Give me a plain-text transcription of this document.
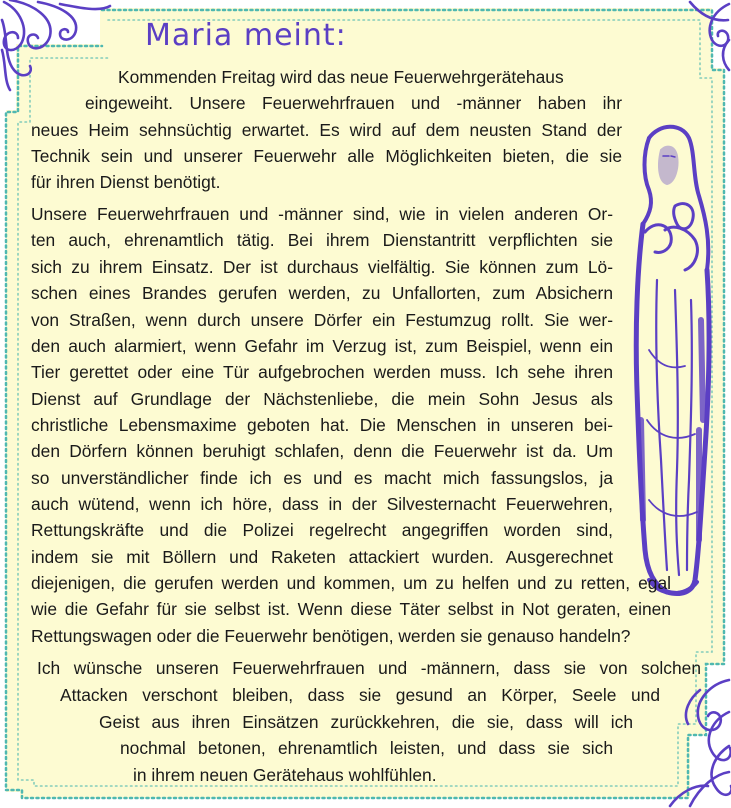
Maria meint:
Kommenden Freitag wird das neue Feuerwehrgerätehaus
eingeweiht. Unsere Feuerwehrfrauen und -männer haben ihr
neues Heim sehnsüchtig erwartet. Es wird auf dem neusten Stand der
Technik sein und unserer Feuerwehr alle Möglichkeiten bieten, die sie
für ihren Dienst benötigt.
Unsere Feuerwehrfrauen und -männer sind, wie in vielen anderen Or-
ten auch, ehrenamtlich tätig. Bei ihrem Dienstantritt verpflichten sie
sich zu ihrem Einsatz. Der ist durchaus vielfältig. Sie können zum Lö-
schen eines Brandes gerufen werden, zu Unfallorten, zum Absichern
von Straßen, wenn durch unsere Dörfer ein Festumzug rollt. Sie wer-
den auch alarmiert, wenn Gefahr im Verzug ist, zum Beispiel, wenn ein
Tier gerettet oder eine Tür aufgebrochen werden muss. Ich sehe ihren
Dienst auf Grundlage der Nächstenliebe, die mein Sohn Jesus als
christliche Lebensmaxime geboten hat. Die Menschen in unseren bei-
den Dörfern können beruhigt schlafen, denn die Feuerwehr ist da. Um
so unverständlicher finde ich es und es macht mich fassungslos, ja
auch wütend, wenn ich höre, dass in der Silvesternacht Feuerwehren,
Rettungskräfte und die Polizei regelrecht angegriffen worden sind,
indem sie mit Böllern und Raketen attackiert wurden. Ausgerechnet
diejenigen, die gerufen werden und kommen, um zu helfen und zu retten, egal
wie die Gefahr für sie selbst ist. Wenn diese Täter selbst in Not geraten, einen
Rettungswagen oder die Feuerwehr benötigen, werden sie genauso handeln?
Ich wünsche unseren Feuerwehrfrauen und -männern, dass sie von solchen
Attacken verschont bleiben, dass sie gesund an Körper, Seele und
Geist aus ihren Einsätzen zurückkehren, die sie, dass will ich
nochmal betonen, ehrenamtlich leisten, und dass sie sich
in ihrem neuen Gerätehaus wohlfühlen.
